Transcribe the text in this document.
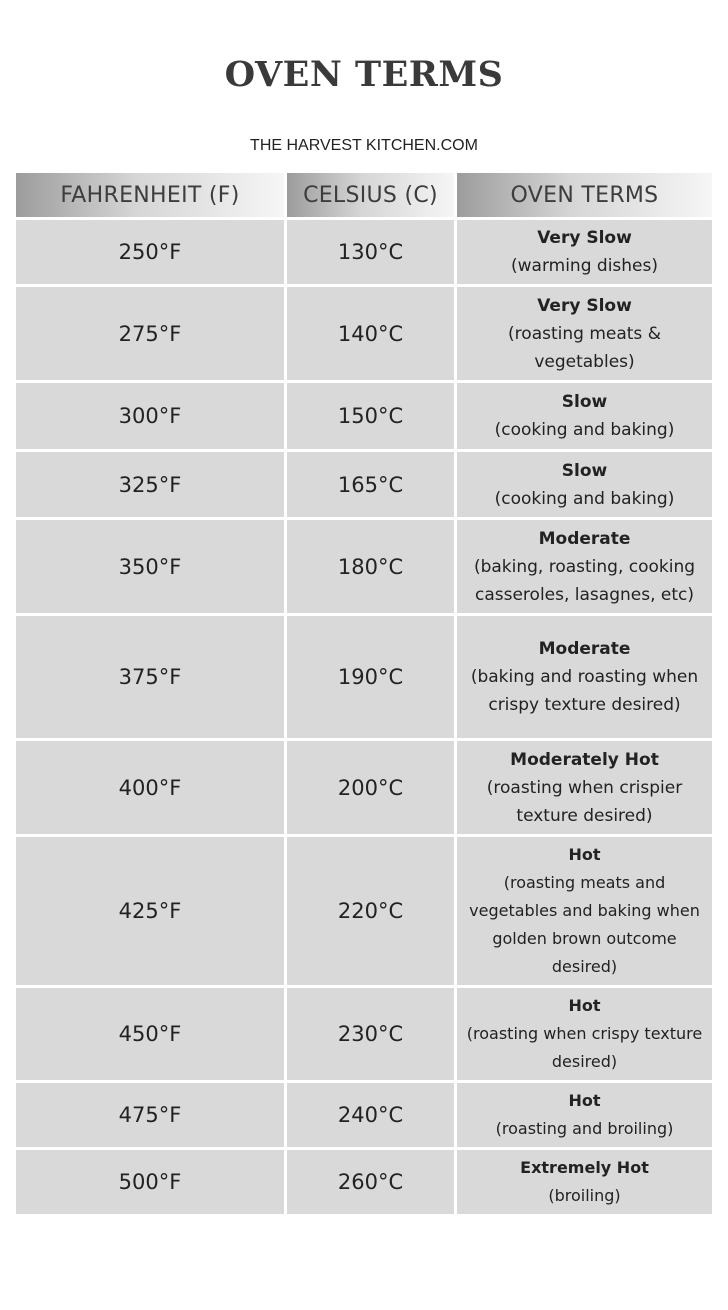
OVEN TERMS

THE HARVEST KITCHEN.COM

FAHRENHEIT (F)	CELSIUS (C)	OVEN TERMS
250°F	130°C	Very Slow
(warming dishes)

275°F	140°C	Very Slow
(roasting meats & vegetables)

300°F	150°C	Slow
(cooking and baking)

325°F	165°C	Slow
(cooking and baking)

350°F	180°C	Moderate
(baking, roasting, cooking casseroles, lasagnes, etc)

375°F	190°C	Moderate
(baking and roasting when crispy texture desired)

400°F	200°C	Moderately Hot
(roasting when crispier texture desired)

425°F	220°C	Hot
(roasting meats and vegetables and baking when golden brown outcome desired)

450°F	230°C	Hot
(roasting when crispy texture desired)

475°F	240°C	Hot
(roasting and broiling)

500°F	260°C	Extremely Hot
(broiling)
